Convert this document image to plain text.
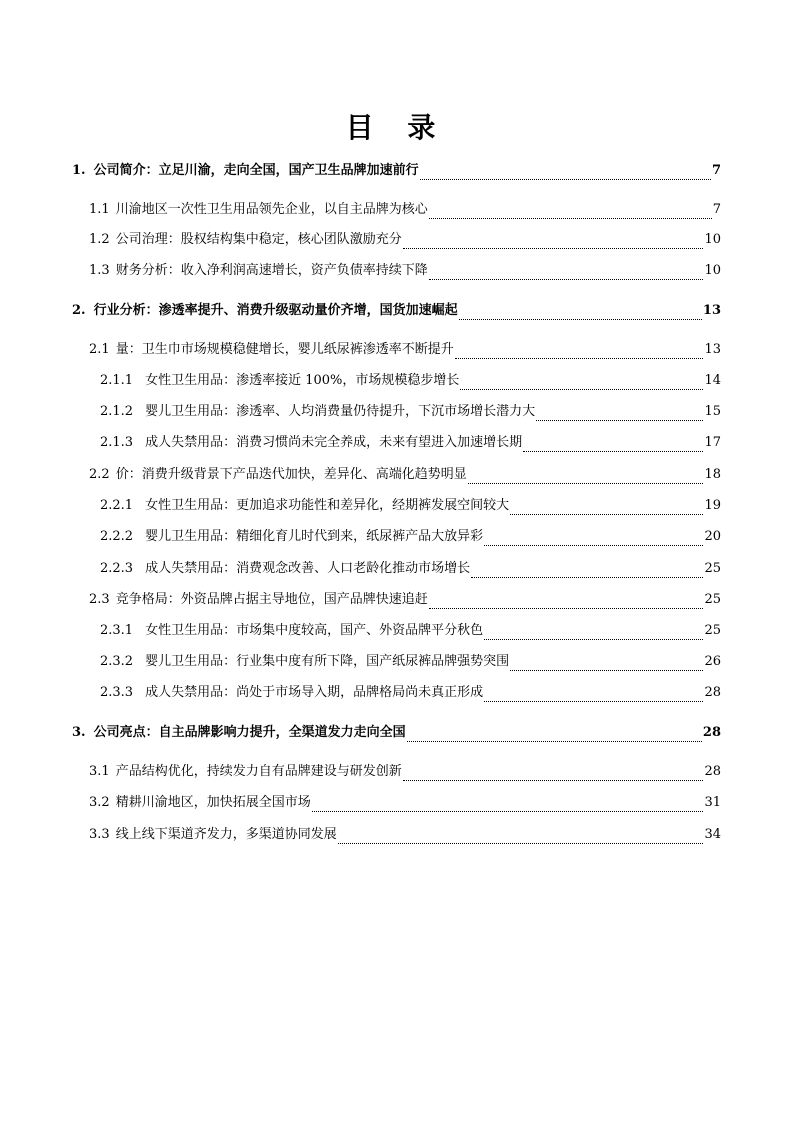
目 录
1. 公司简介：立足川渝，走向全国，国产卫生品牌加速前行	7
1.1 川渝地区一次性卫生用品领先企业，以自主品牌为核心	7
1.2 公司治理：股权结构集中稳定，核心团队激励充分	10
1.3 财务分析：收入净利润高速增长，资产负债率持续下降	10
2. 行业分析：渗透率提升、消费升级驱动量价齐增，国货加速崛起	13
2.1 量：卫生巾市场规模稳健增长，婴儿纸尿裤渗透率不断提升	13
2.1.1 女性卫生用品：渗透率接近 100%，市场规模稳步增长	14
2.1.2 婴儿卫生用品：渗透率、人均消费量仍待提升，下沉市场增长潜力大	15
2.1.3 成人失禁用品：消费习惯尚未完全养成，未来有望进入加速增长期	17
2.2 价：消费升级背景下产品迭代加快，差异化、高端化趋势明显	18
2.2.1 女性卫生用品：更加追求功能性和差异化，经期裤发展空间较大	19
2.2.2 婴儿卫生用品：精细化育儿时代到来，纸尿裤产品大放异彩	20
2.2.3 成人失禁用品：消费观念改善、人口老龄化推动市场增长	25
2.3 竞争格局：外资品牌占据主导地位，国产品牌快速追赶	25
2.3.1 女性卫生用品：市场集中度较高，国产、外资品牌平分秋色	25
2.3.2 婴儿卫生用品：行业集中度有所下降，国产纸尿裤品牌强势突围	26
2.3.3 成人失禁用品：尚处于市场导入期，品牌格局尚未真正形成	28
3. 公司亮点：自主品牌影响力提升，全渠道发力走向全国	28
3.1 产品结构优化，持续发力自有品牌建设与研发创新	28
3.2 精耕川渝地区，加快拓展全国市场	31
3.3 线上线下渠道齐发力，多渠道协同发展	34
